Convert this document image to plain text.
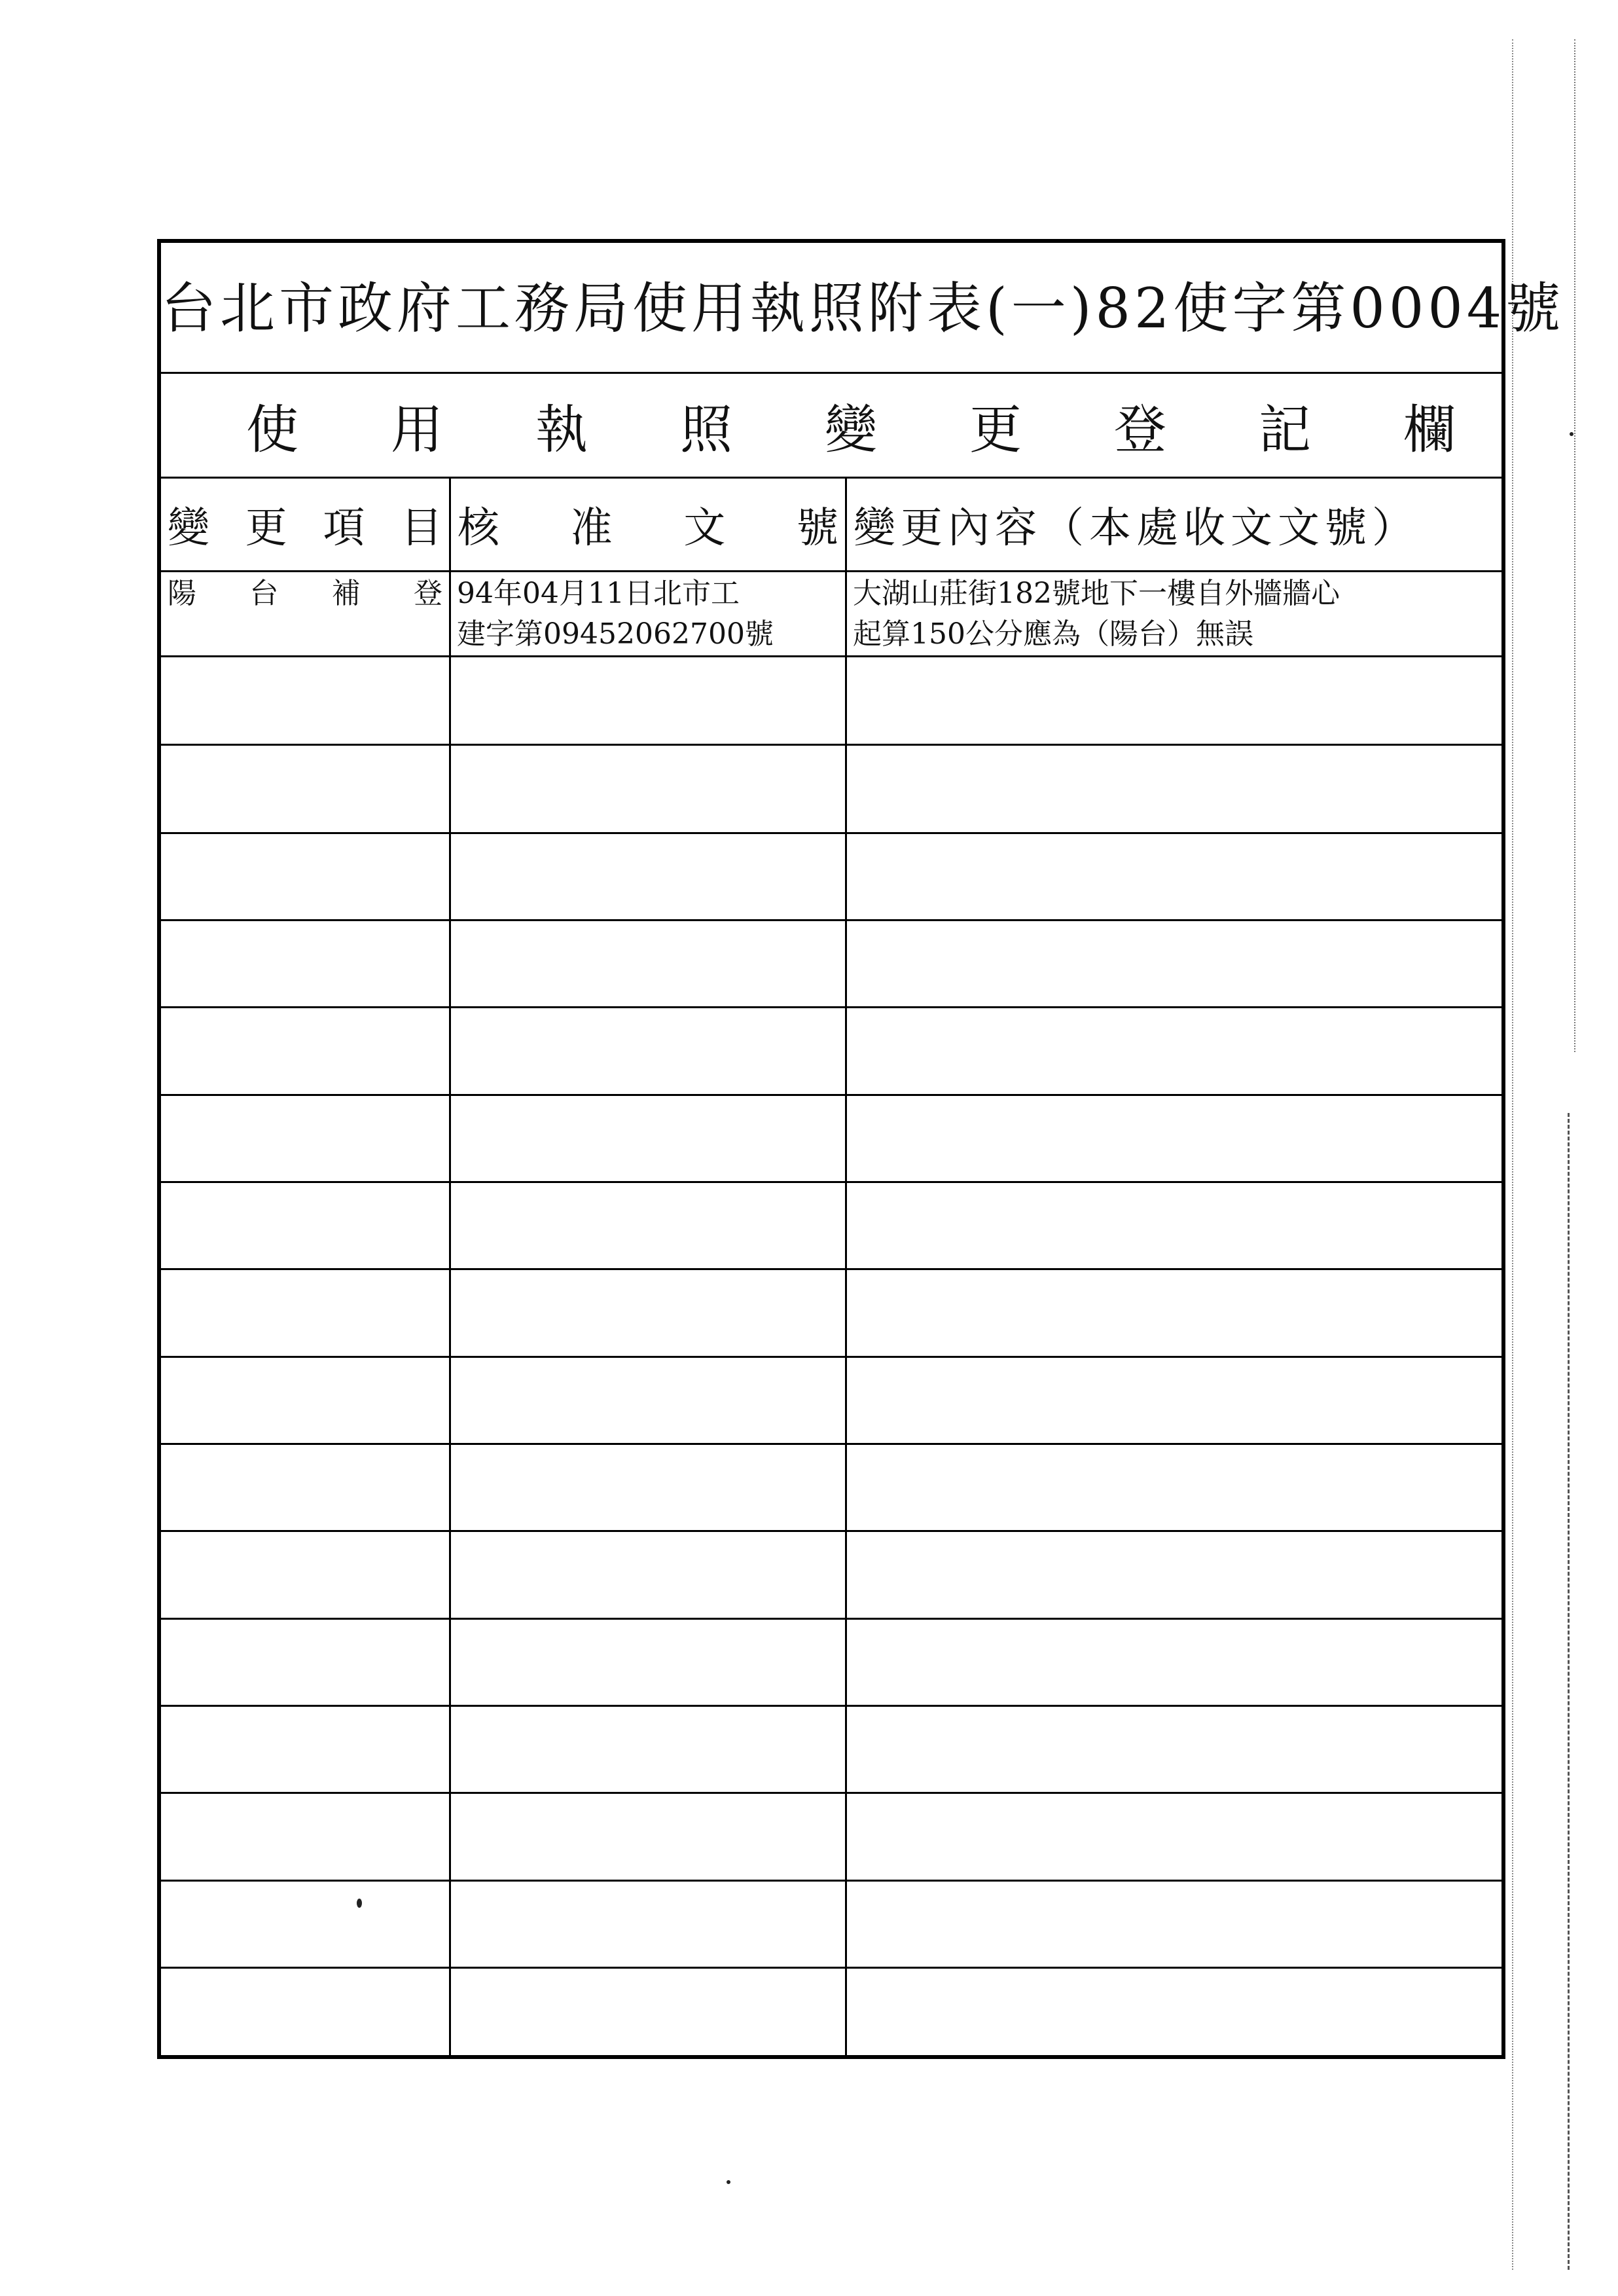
台北市政府工務局使用執照附表(一)82使字第0004號
使 用 執 照 變 更 登 記 欄
變 更 項 目 核 准 文 號 變更內容（本處收文文號）
陽 台 補 登 94年04月11日北市工
建字第09452062700號
大湖山莊街182號地下一樓自外牆牆心
起算150公分應為（陽台）無誤
